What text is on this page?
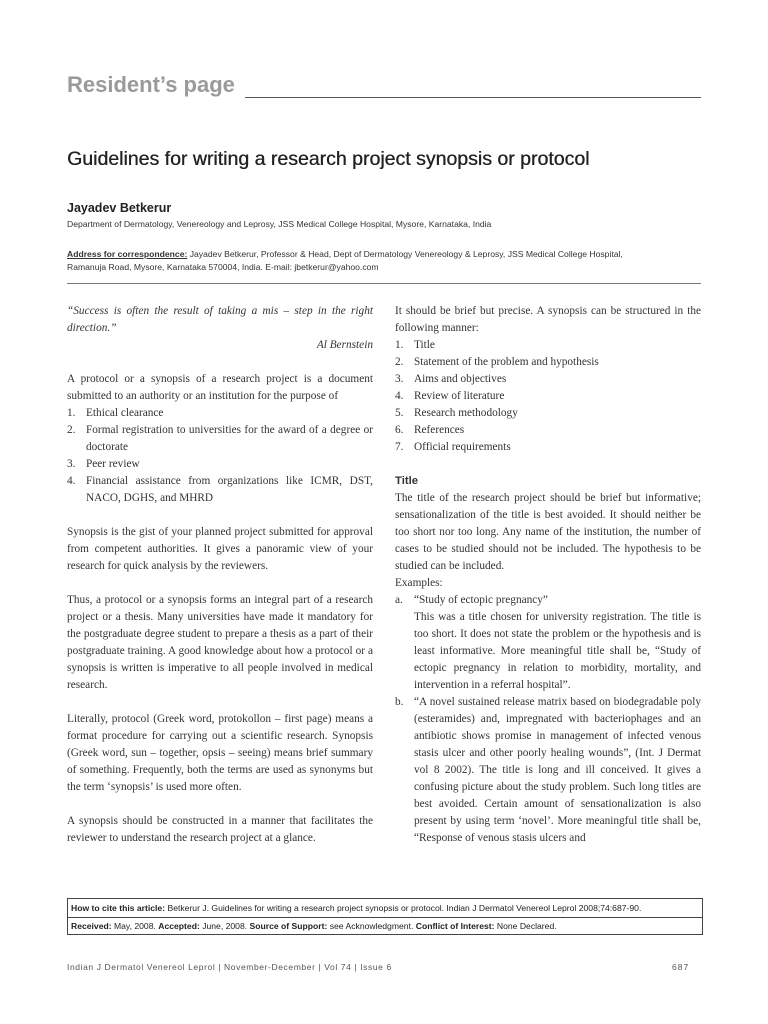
Resident’s page
Guidelines for writing a research project synopsis or protocol
Jayadev Betkerur
Department of Dermatology, Venereology and Leprosy, JSS Medical College Hospital, Mysore, Karnataka, India
Address for correspondence: Jayadev Betkerur, Professor & Head, Dept of Dermatology Venereology & Leprosy, JSS Medical College Hospital,
Ramanuja Road, Mysore, Karnataka 570004, India. E-mail: jbetkerur@yahoo.com

“Success is often the result of taking a mis – step in the right direction.”

Al Bernstein

A protocol or a synopsis of a research project is a document submitted to an authority or an institution for the purpose of

1. Ethical clearance
2. Formal registration to universities for the award of a degree or doctorate
3. Peer review
4. Financial assistance from organizations like ICMR, DST, NACO, DGHS, and MHRD

Synopsis is the gist of your planned project submitted for approval from competent authorities. It gives a panoramic view of your research for quick analysis by the reviewers.

Thus, a protocol or a synopsis forms an integral part of a research project or a thesis. Many universities have made it mandatory for the postgraduate degree student to prepare a thesis as a part of their postgraduate training. A good knowledge about how a protocol or a synopsis is written is imperative to all people involved in medical research.

Literally, protocol (Greek word, protokollon – first page) means a format procedure for carrying out a scientific research. Synopsis (Greek word, sun – together, opsis – seeing) means brief summary of something. Frequently, both the terms are used as synonyms but the term ‘synopsis’ is used more often.

A synopsis should be constructed in a manner that facilitates the reviewer to understand the research project at a glance.

It should be brief but precise. A synopsis can be structured in the following manner:

1. Title
2. Statement of the problem and hypothesis
3. Aims and objectives
4. Review of literature
5. Research methodology
6. References
7. Official requirements

Title

The title of the research project should be brief but informative; sensationalization of the title is best avoided. It should neither be too short nor too long. Any name of the institution, the number of cases to be studied should not be included. The hypothesis to be studied can be included.

Examples:

a. “Study of ectopic pregnancy”

This was a title chosen for university registration. The title is too short. It does not state the problem or the hypothesis and is least informative. More meaningful title shall be, “Study of ectopic pregnancy in relation to morbidity, mortality, and intervention in a referral hospital”.

b. “A novel sustained release matrix based on biodegradable poly (esteramides) and, impregnated with bacteriophages and an antibiotic shows promise in management of infected venous stasis ulcer and other poorly healing wounds”, (Int. J Dermat vol 8 2002). The title is long and ill conceived. It gives a confusing picture about the study problem. Such long titles are best avoided. Certain amount of sensationalization is also present by using term ‘novel’. More meaningful title shall be, “Response of venous stasis ulcers and

How to cite this article: Betkerur J. Guidelines for writing a research project synopsis or protocol. Indian J Dermatol Venereol Leprol 2008;74:687-90.

Received: May, 2008. Accepted: June, 2008. Source of Support: see Acknowledgment. Conflict of Interest: None Declared.

Indian J Dermatol Venereol Leprol | November-December | Vol 74 | Issue 6	687
